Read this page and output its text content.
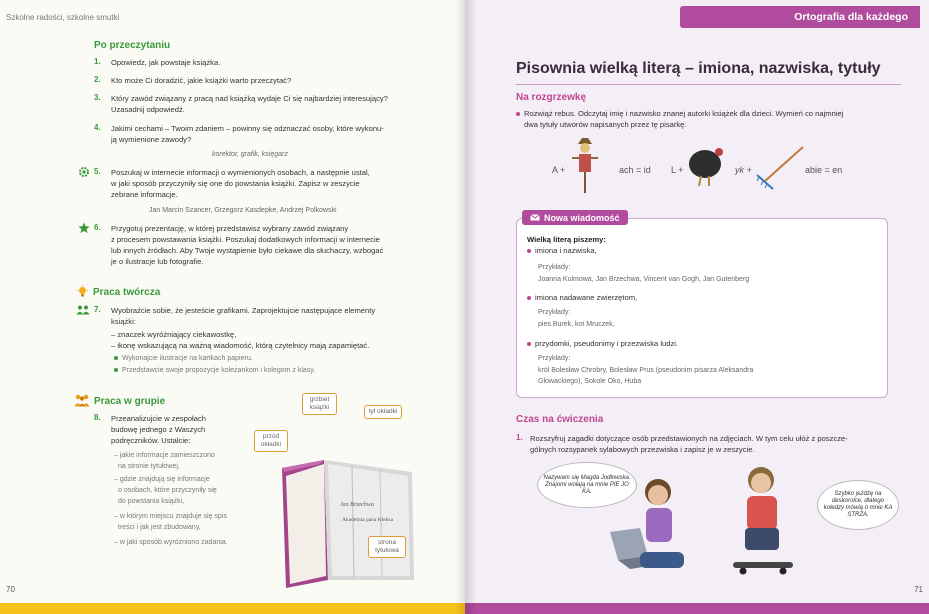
Szkolne radości, szkolne smutki
Po przeczytaniu
1. Opowiedz, jak powstaje książka.
2. Kto może Ci doradzić, jakie książki warto przeczytać?
3. Który zawód związany z pracą nad książką wydaje Ci się najbardziej interesujący?
Uzasadnij odpowiedź.
4. Jakimi cechami – Twoim zdaniem – powinny się odznaczać osoby, które wykonu-
ją wymienione zawody?
korektor, grafik, księgarz
5. Poszukaj w internecie informacji o wymienionych osobach, a następnie ustal,
w jaki sposób przyczyniły się one do powstania książki. Zapisz w zeszycie
zebrane informacje.
Jan Marcin Szancer, Grzegorz Kasdepke, Andrzej Polkowski
6. Przygotuj prezentację, w której przedstawisz wybrany zawód związany
z procesem powstawania książki. Poszukaj dodatkowych informacji w internecie
lub innych źródłach. Aby Twoje wystąpienie było ciekawe dla słuchaczy, wzbogać
je o ilustracje lub fotografie.
Praca twórcza
7. Wyobraźcie sobie, że jesteście grafikami. Zaprojektujcie następujące elementy
książki:
– znaczek wyróżniający ciekawostkę,
– ikonę wskazującą na ważną wiadomość, którą czytelnicy mają zapamiętać.
Wykonajcie ilustracje na kartkach papieru.
Przedstawcie swoje propozycje koleżankom i kolegom z klasy.
Praca w grupie
8. Przeanalizujcie w zespołach
budowę jednego z Waszych
podręczników. Ustalcie:
– jakie informacje zamieszczono
na stronie tytułowej,
– gdzie znajdują się informacje
o osobach, które przyczyniły się
do powstania książki,
– w którym miejscu znajduje się spis
treści i jak jest zbudowany,
– w jaki sposób wyróżniono zadania.
Jan Brzechwa
Akademia pana Kleksa
grzbiet książki
tył okładki
przód okładki
strona tytułowa
70
Ortografia dla każdego
Pisownia wielką literą – imiona, nazwiska, tytuły
Na rozgrzewkę
Rozwiąż rebus. Odczytaj imię i nazwisko znanej autorki książek dla dzieci. Wymień co najmniej
dwa tytuły utworów napisanych przez tę pisarkę.
A +	ach = id L +	yk +	abie = en
Nowa wiadomość
Wielką literą piszemy:
imiona i nazwiska,
Przykłady:
Joanna Kulmowa, Jan Brzechwa, Vincent van Gogh, Jan Gutenberg
imiona nadawane zwierzętom,
Przykłady:
pies Burek, kot Mruczek,
przydomki, pseudonimy i przezwiska ludzi.
Przykłady:
król Bolesław Chrobry, Bolesław Prus (pseudonim pisarza Aleksandra
Głowackiego), Sokole Oko, Huba
Czas na ćwiczenia
1. Rozszyfruj zagadki dotyczące osób przedstawionych na zdjęciach. W tym celu ułóż z poszcze-
gólnych rozsypanek sylabowych przezwiska i zapisz je w zeszycie.
Nazywam się Magda Jodłowska. Znajomi wołają na mnie PIE JO KA.	Szybko jeżdżę na deskorolce, dlatego koledzy mówią o mnie KA STRZA.
71
